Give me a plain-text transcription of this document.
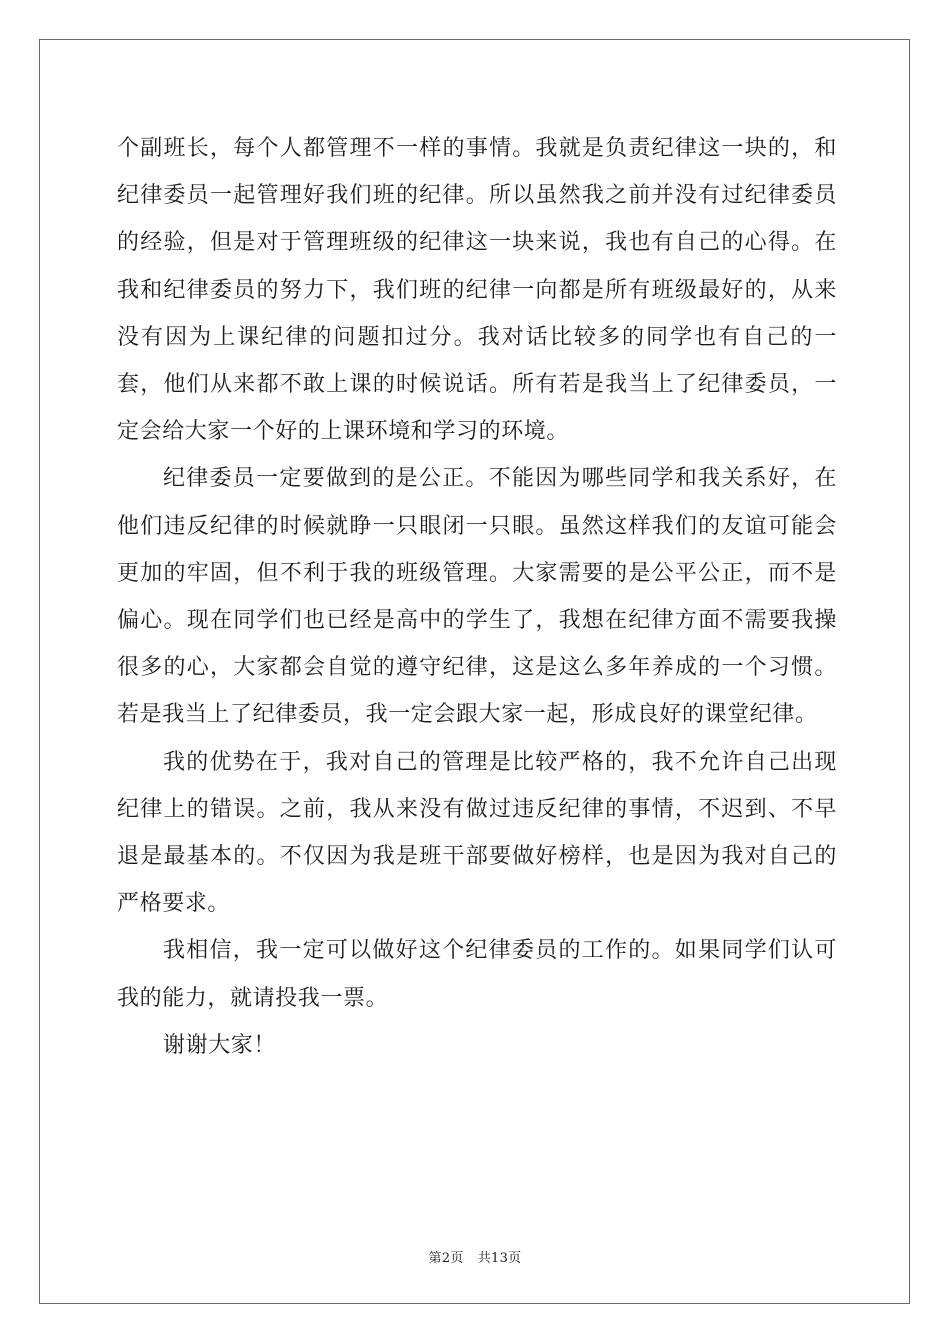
个副班长，每个人都管理不一样的事情。我就是负责纪律这一块的，和纪律委员一起管理好我们班的纪律。所以虽然我之前并没有过纪律委员的经验，但是对于管理班级的纪律这一块来说，我也有自己的心得。在我和纪律委员的努力下，我们班的纪律一向都是所有班级最好的，从来没有因为上课纪律的问题扣过分。我对话比较多的同学也有自己的一套，他们从来都不敢上课的时候说话。所有若是我当上了纪律委员，一定会给大家一个好的上课环境和学习的环境。

纪律委员一定要做到的是公正。不能因为哪些同学和我关系好，在他们违反纪律的时候就睁一只眼闭一只眼。虽然这样我们的友谊可能会更加的牢固，但不利于我的班级管理。大家需要的是公平公正，而不是偏心。现在同学们也已经是高中的学生了，我想在纪律方面不需要我操很多的心，大家都会自觉的遵守纪律，这是这么多年养成的一个习惯。若是我当上了纪律委员，我一定会跟大家一起，形成良好的课堂纪律。

我的优势在于，我对自己的管理是比较严格的，我不允许自己出现纪律上的错误。之前，我从来没有做过违反纪律的事情，不迟到、不早退是最基本的。不仅因为我是班干部要做好榜样，也是因为我对自己的严格要求。

我相信，我一定可以做好这个纪律委员的工作的。如果同学们认可我的能力，就请投我一票。

谢谢大家！

第2页 共13页
